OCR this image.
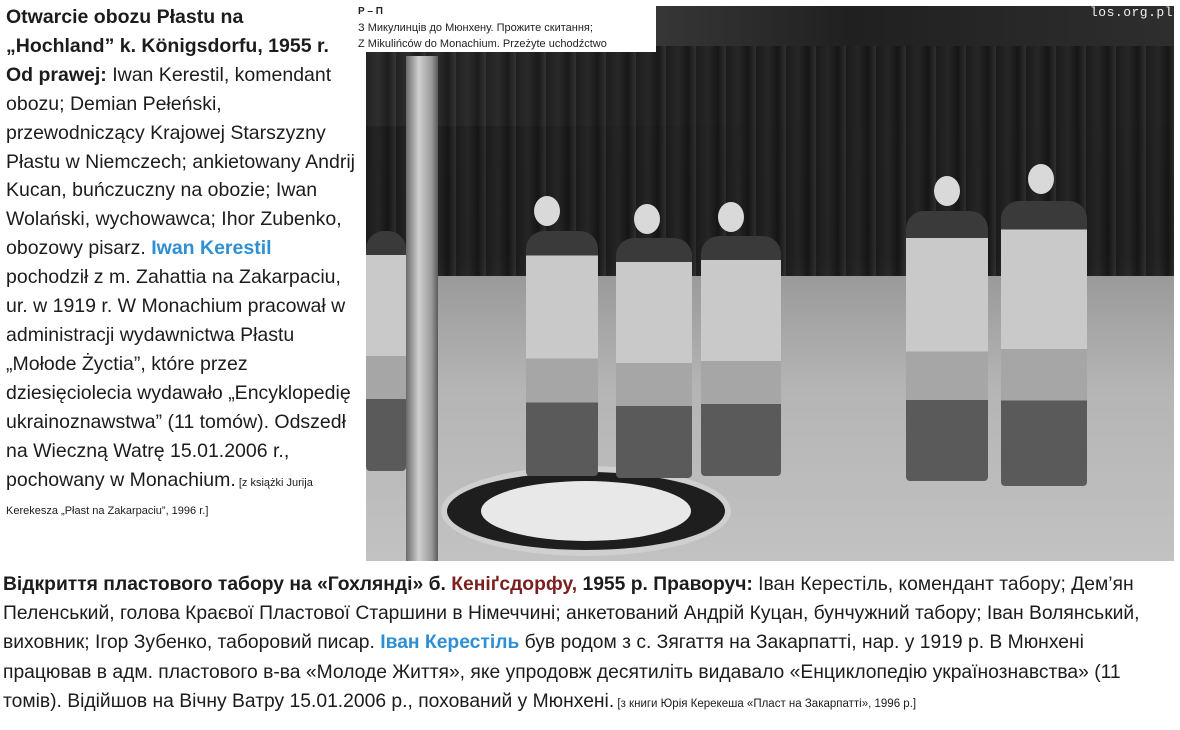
Otwarcie obozu Płastu na „Hochland” k. Königsdorfu, 1955 r. Od prawej: Iwan Kerestil, komendant obozu; Demian Pełeński, przewodniczący Krajowej Starszyzny Płastu w Niemczech; ankietowany Andrij Kucan, buńczuczny na obozie; Iwan Wolański, wychowawca; Ihor Zubenko, obozowy pisarz. Iwan Kerestil pochodził z m. Zahattia na Zakarpaciu, ur. w 1919 r. W Monachium pracował w administracji wydawnictwa Płastu „Mołode Życtia”, które przez dziesięciolecia wydawało „Encyklopedię ukrainoznawstwa” (11 tomów). Odszedł na Wieczną Watrę 15.01.2006 r., pochowany w Monachium. [z książki Jurija Kerekesza „Płast na Zakarpaciu”, 1996 r.]
Р – П
З Микулинців до Мюнхену. Прожите скитання;
Z Mikulińców do Monachium. Przeżyte uchodźctwo
los.org.pl
Відкриття пластового табору на «Гохлянді» б. Кеніґсдорфу, 1955 р. Праворуч: Іван Керестіль, комендант табору; Дем’ян Пеленський, голова Краєвої Пластової Старшини в Німеччині; анкетований Андрій Куцан, бунчужний табору; Іван Волянський, виховник; Ігор Зубенко, таборовий писар. Іван Керестіль був родом з с. Зягаття на Закарпатті, нар. у 1919 р. В Мюнхені працював в адм. пластового в-ва «Молоде Життя», яке упродовж десятиліть видавало «Енциклопедію українознавства» (11 томів). Відійшов на Вічну Ватру 15.01.2006 р., похований у Мюнхені. [з книги Юрія Керекеша «Пласт на Закарпатті», 1996 р.]
